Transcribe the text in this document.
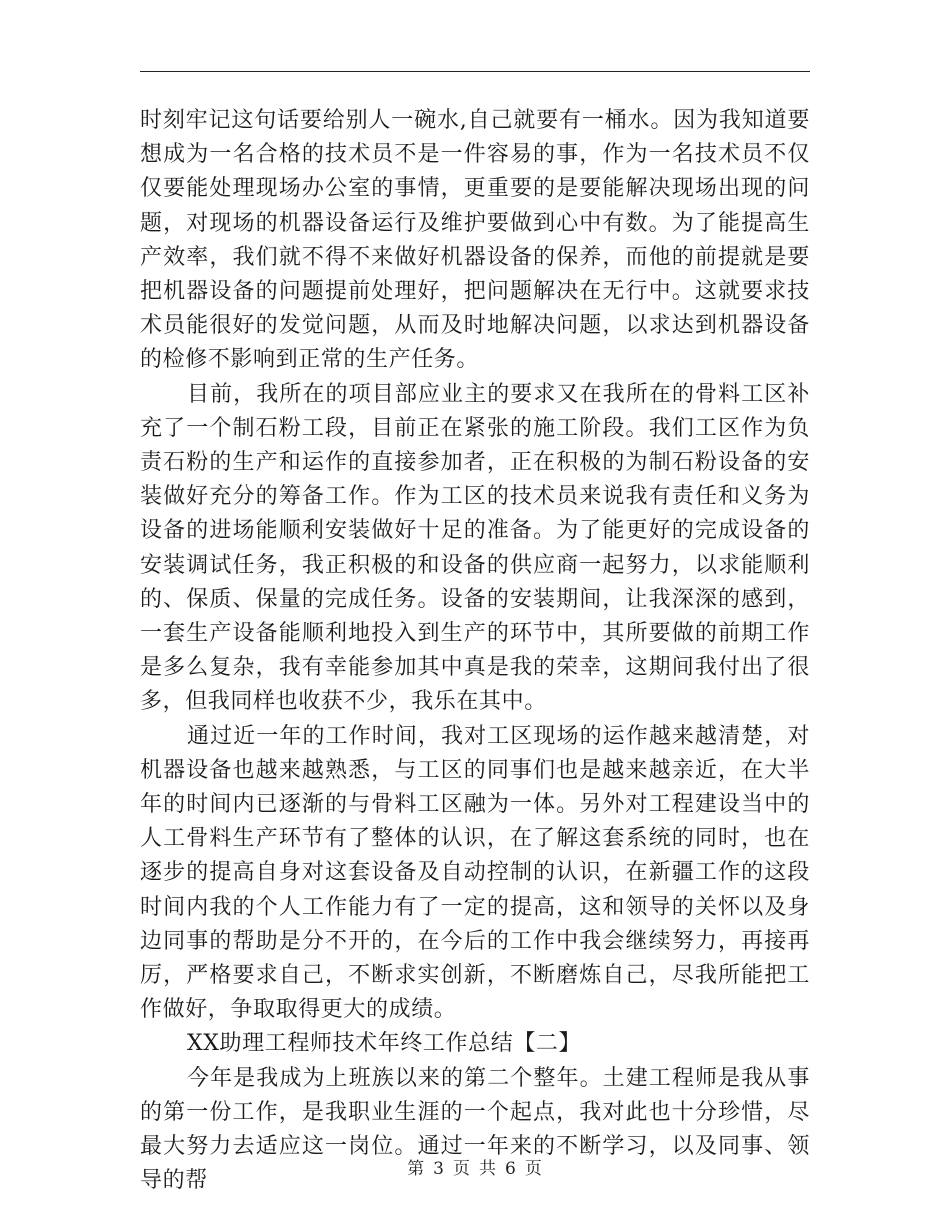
时刻牢记这句话要给别人一碗水,自己就要有一桶水。因为我知道要想成为一名合格的技术员不是一件容易的事，作为一名技术员不仅仅要能处理现场办公室的事情，更重要的是要能解决现场出现的问题，对现场的机器设备运行及维护要做到心中有数。为了能提高生产效率，我们就不得不来做好机器设备的保养，而他的前提就是要把机器设备的问题提前处理好，把问题解决在无行中。这就要求技术员能很好的发觉问题，从而及时地解决问题，以求达到机器设备的检修不影响到正常的生产任务。

目前，我所在的项目部应业主的要求又在我所在的骨料工区补充了一个制石粉工段，目前正在紧张的施工阶段。我们工区作为负责石粉的生产和运作的直接参加者，正在积极的为制石粉设备的安装做好充分的筹备工作。作为工区的技术员来说我有责任和义务为设备的进场能顺利安装做好十足的准备。为了能更好的完成设备的安装调试任务，我正积极的和设备的供应商一起努力，以求能顺利的、保质、保量的完成任务。设备的安装期间，让我深深的感到，一套生产设备能顺利地投入到生产的环节中，其所要做的前期工作是多么复杂，我有幸能参加其中真是我的荣幸，这期间我付出了很多，但我同样也收获不少，我乐在其中。

通过近一年的工作时间，我对工区现场的运作越来越清楚，对机器设备也越来越熟悉，与工区的同事们也是越来越亲近，在大半年的时间内已逐渐的与骨料工区融为一体。另外对工程建设当中的人工骨料生产环节有了整体的认识，在了解这套系统的同时，也在逐步的提高自身对这套设备及自动控制的认识，在新疆工作的这段时间内我的个人工作能力有了一定的提高，这和领导的关怀以及身边同事的帮助是分不开的，在今后的工作中我会继续努力，再接再厉，严格要求自己，不断求实创新，不断磨炼自己，尽我所能把工作做好，争取取得更大的成绩。

XX助理工程师技术年终工作总结【二】

今年是我成为上班族以来的第二个整年。土建工程师是我从事的第一份工作，是我职业生涯的一个起点，我对此也十分珍惜，尽最大努力去适应这一岗位。通过一年来的不断学习，以及同事、领导的帮	第 3 页 共 6 页
